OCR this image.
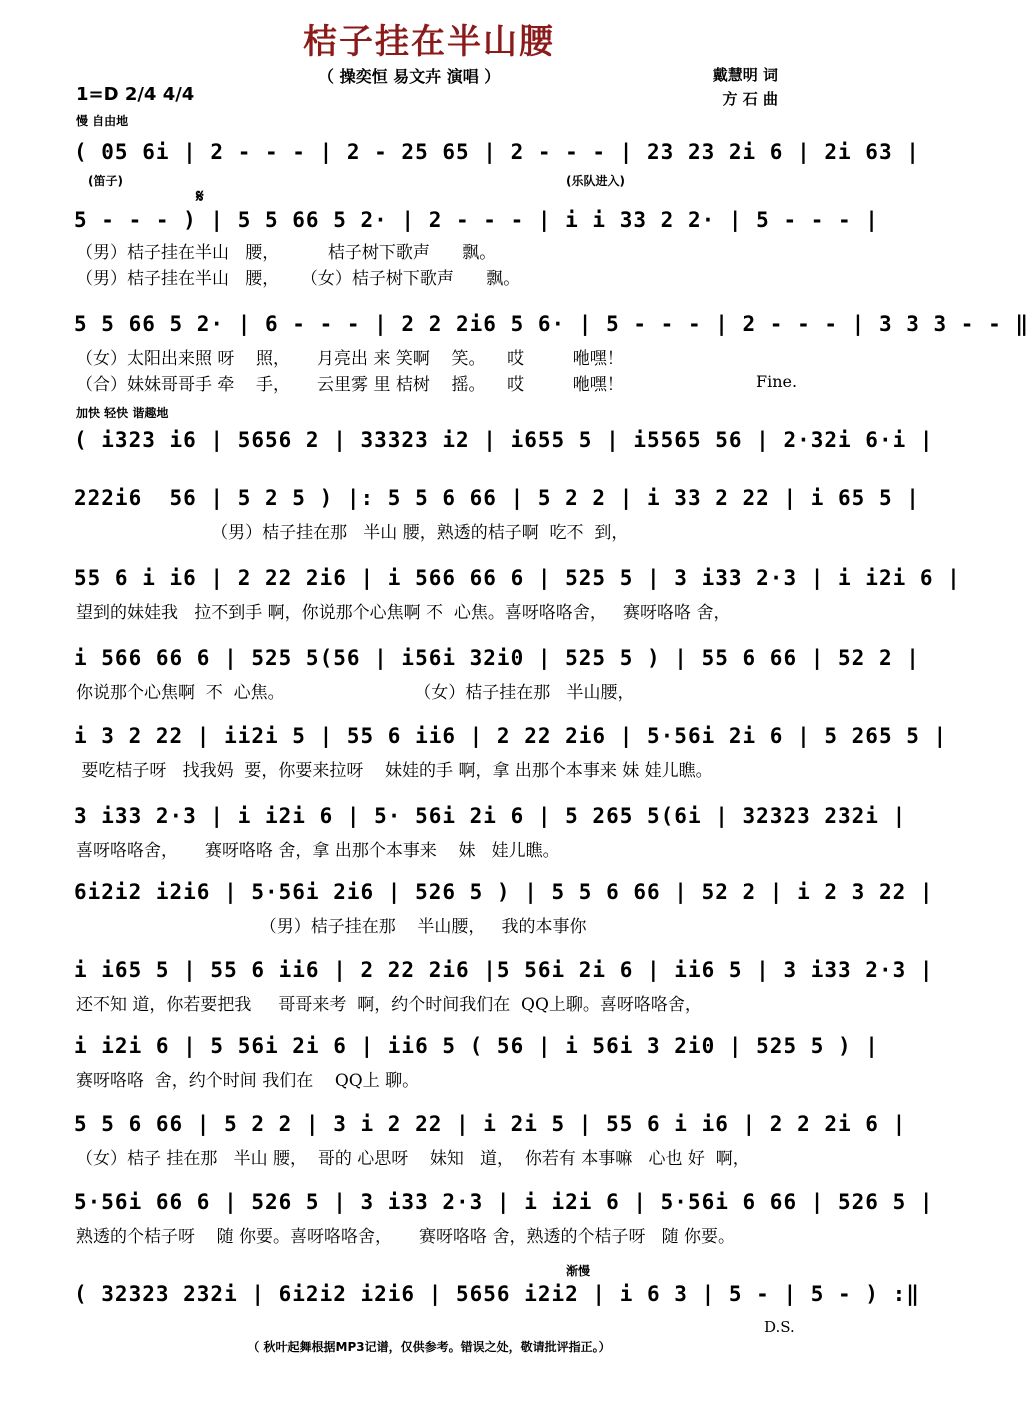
桔子挂在半山腰
（ 操奕恒 易文卉 演唱 ）	戴慧明 词
方 石 曲
1=D 2/4 4/4
慢 自由地
( 05 6i | 2 - - - | 2 - 25 65 | 2 - - - | 23 23 2i 6 | 2i 63 |
(笛子)	(乐队进入)
𝄋
5 - - - ) | 5 5 66 5 2· | 2 - - - | i i 33 2 2· | 5 - - - |
（男）桔子挂在半山   腰，         桔子树下歌声      飘。
（男）桔子挂在半山   腰，    （女）桔子树下歌声      飘。
5 5 66 5 2· | 6 - - - | 2 2 2i6 5 6· | 5 - - - | 2 - - - | 3 3 3 - - ‖
（女）太阳出来照 呀    照，     月亮出 来 笑啊    笑。    哎         咃嘿！
（合）妹妹哥哥手 牵    手，     云里雾 里 桔树    摇。    哎         咃嘿！	Fine.
加快 轻快 谐趣地
( i323 i6 | 5656 2 | 33323 i2 | i655 5 | i5565 56 | 2·32i 6·i |
222i6  56 | 5 2 5 ) |: 5 5 6 66 | 5 2 2 | i 33 2 22 | i 65 5 |
（男）桔子挂在那   半山 腰，熟透的桔子啊  吃不  到，
55 6 i i6 | 2 22 2i6 | i 566 66 6 | 525 5 | 3 i33 2·3 | i i2i 6 |
望到的妹娃我   拉不到手 啊，你说那个心焦啊 不  心焦。喜呀咯咯舍，   赛呀咯咯 舍，
i 566 66 6 | 525 5(56 | i56i 32i0 | 525 5 ) | 55 6 66 | 52 2 |
你说那个心焦啊  不  心焦。                        （女）桔子挂在那   半山腰，
i 3 2 22 | ii2i 5 | 55 6 ii6 | 2 22 2i6 | 5·56i 2i 6 | 5 265 5 |
要吃桔子呀   找我妈  要，你要来拉呀    妹娃的手 啊，拿 出那个本事来 妹 娃儿瞧。
3 i33 2·3 | i i2i 6 | 5· 56i 2i 6 | 5 265 5(6i | 32323 232i |
喜呀咯咯舍，     赛呀咯咯 舍，拿 出那个本事来    妹   娃儿瞧。
6i2i2 i2i6 | 5·56i 2i6 | 526 5 ) | 5 5 6 66 | 52 2 | i 2 3 22 |
（男）桔子挂在那    半山腰，   我的本事你
i i65 5 | 55 6 ii6 | 2 22 2i6 |5 56i 2i 6 | ii6 5 | 3 i33 2·3 |
还不知 道，你若要把我     哥哥来考  啊，约个时间我们在  QQ上聊。喜呀咯咯舍，
i i2i 6 | 5 56i 2i 6 | ii6 5 ( 56 | i 56i 3 2i0 | 525 5 ) |
赛呀咯咯  舍，约个时间 我们在    QQ上 聊。
5 5 6 66 | 5 2 2 | 3 i 2 22 | i 2i 5 | 55 6 i i6 | 2 2 2i 6 |
（女）桔子 挂在那   半山 腰，  哥的 心思呀    妹知   道，  你若有 本事嘛   心也 好  啊，
5·56i 66 6 | 526 5 | 3 i33 2·3 | i i2i 6 | 5·56i 6 66 | 526 5 |
熟透的个桔子呀    随 你要。喜呀咯咯舍，     赛呀咯咯 舍，熟透的个桔子呀   随 你要。
渐慢
( 32323 232i | 6i2i2 i2i6 | 5656 i2i2 | i 6 3 | 5 - | 5 - ) :‖
D.S.
（ 秋叶起舞根据MP3记谱，仅供参考。错误之处，敬请批评指正。）
